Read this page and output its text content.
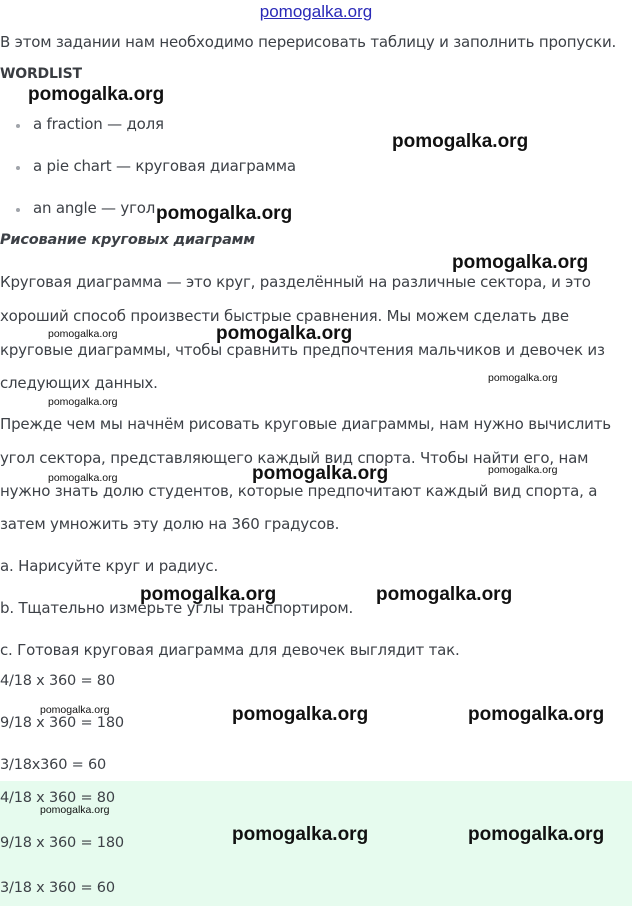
pomogalka.org
В этом задании нам необходимо перерисовать таблицу и заполнить пропуски.
WORDLIST
a fraction — доля
a pie chart — круговая диаграмма
an angle — угол
Рисование круговых диаграмм
Круговая диаграмма — это круг, разделённый на различные сектора, и это
хороший способ произвести быстрые сравнения. Мы можем сделать две
круговые диаграммы, чтобы сравнить предпочтения мальчиков и девочек из
следующих данных.
Прежде чем мы начнём рисовать круговые диаграммы, нам нужно вычислить
угол сектора, представляющего каждый вид спорта. Чтобы найти его, нам
нужно знать долю студентов, которые предпочитают каждый вид спорта, а
затем умножить эту долю на 360 градусов.
a. Нарисуйте круг и радиус.
b. Тщательно измерьте углы транспортиром.
c. Готовая круговая диаграмма для девочек выглядит так.
4/18 x 360 = 80
9/18 x 360 = 180
3/18x360 = 60
4/18 x 360 = 80
9/18 x 360 = 180
3/18 x 360 = 60
pomogalka.org
pomogalka.org
pomogalka.org
pomogalka.org
pomogalka.org
pomogalka.org
pomogalka.org
pomogalka.org
pomogalka.org	pomogalka.org
pomogalka.org
pomogalka.org	pomogalka.org
pomogalka.org	pomogalka.org	pomogalka.org
pomogalka.org
pomogalka.org	pomogalka.org
